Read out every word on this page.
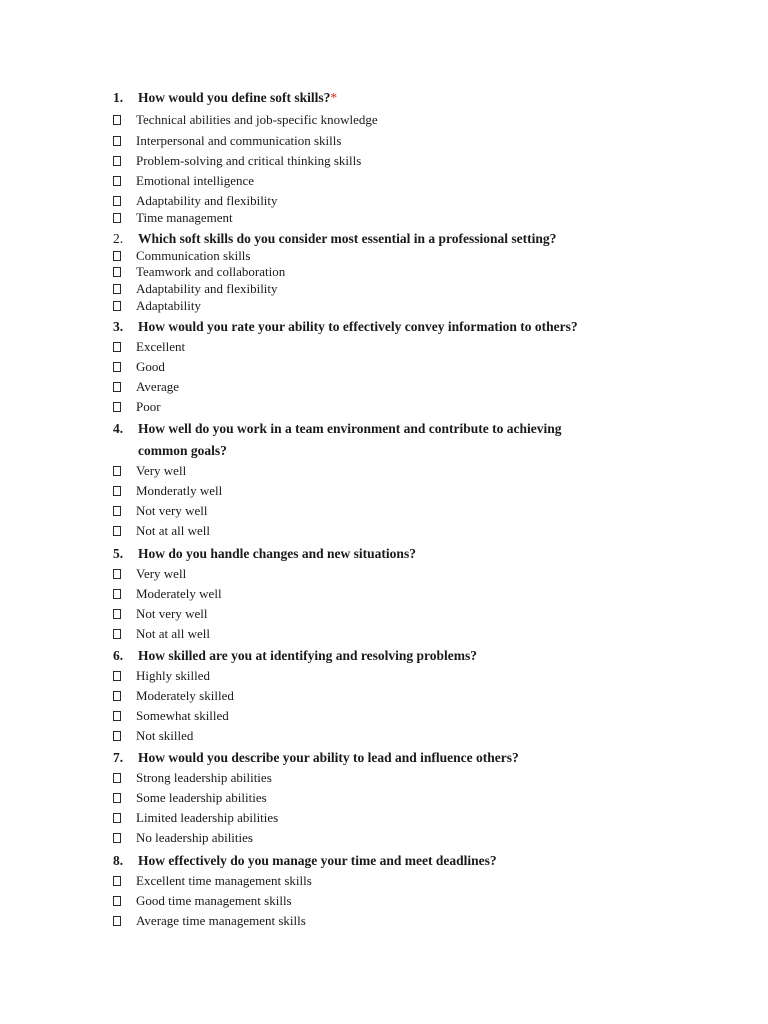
1. How would you define soft skills?*
Technical abilities and job-specific knowledge
Interpersonal and communication skills
Problem-solving and critical thinking skills
Emotional intelligence
Adaptability and flexibility
Time management
2. Which soft skills do you consider most essential in a professional setting?
Communication skills
Teamwork and collaboration
Adaptability and flexibility
Adaptability
3. How would you rate your ability to effectively convey information to others?
Excellent
Good
Average
Poor
4. How well do you work in a team environment and contribute to achieving
common goals?
Very well
Monderatly well
Not very well
Not at all well
5. How do you handle changes and new situations?
Very well
Moderately well
Not very well
Not at all well
6. How skilled are you at identifying and resolving problems?
Highly skilled
Moderately skilled
Somewhat skilled
Not skilled
7. How would you describe your ability to lead and influence others?
Strong leadership abilities
Some leadership abilities
Limited leadership abilities
No leadership abilities
8. How effectively do you manage your time and meet deadlines?
Excellent time management skills
Good time management skills
Average time management skills
